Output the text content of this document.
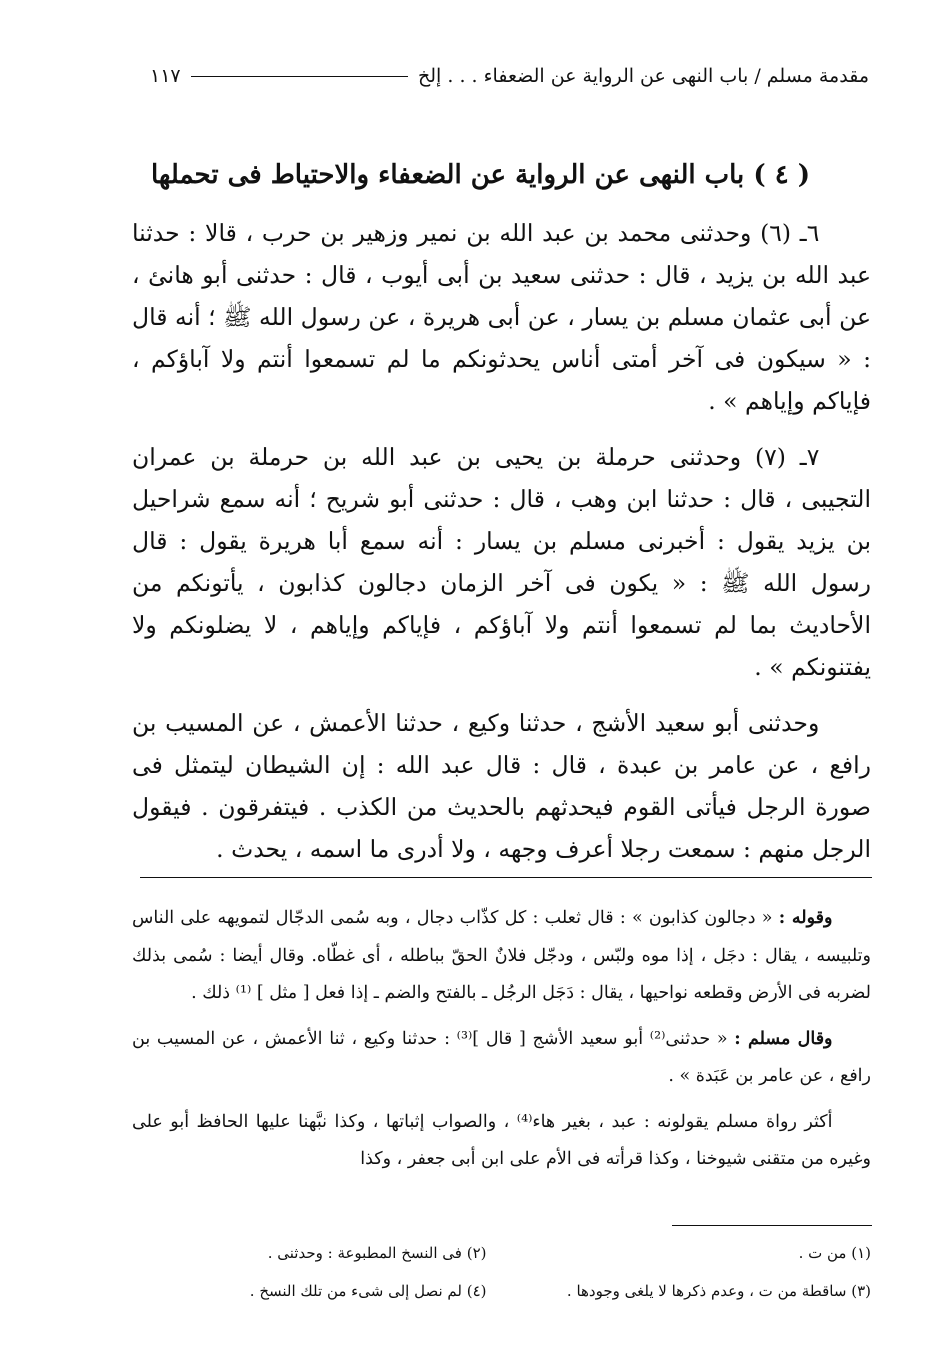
مقدمة مسلم / باب النهى عن الرواية عن الضعفاء . . . إلخ
١١٧
( ٤ ) باب النهى عن الرواية عن الضعفاء والاحتياط فى تحملها

٦ـ (٦) وحدثنى محمد بن عبد الله بن نمير وزهير بن حرب ، قالا : حدثنا عبد الله بن يزيد ، قال : حدثنى سعيد بن أبى أيوب ، قال : حدثنى أبو هانئ ، عن أبى عثمان مسلم بن يسار ، عن أبى هريرة ، عن رسول الله ﷺ ؛ أنه قال : « سيكون فى آخر أمتى أناس يحدثونكم ما لم تسمعوا أنتم ولا آباؤكم ، فإياكم وإياهم » .

٧ـ (٧) وحدثنى حرملة بن يحيى بن عبد الله بن حرملة بن عمران التجيبى ، قال : حدثنا ابن وهب ، قال : حدثنى أبو شريح ؛ أنه سمع شراحيل بن يزيد يقول : أخبرنى مسلم بن يسار : أنه سمع أبا هريرة يقول : قال رسول الله ﷺ : « يكون فى آخر الزمان دجالون كذابون ، يأتونكم من الأحاديث بما لم تسمعوا أنتم ولا آباؤكم ، فإياكم وإياهم ، لا يضلونكم ولا يفتنونكم » .

وحدثنى أبو سعيد الأشج ، حدثنا وكيع ، حدثنا الأعمش ، عن المسيب بن رافع ، عن عامر بن عبدة ، قال : قال عبد الله : إن الشيطان ليتمثل فى صورة الرجل فيأتى القوم فيحدثهم بالحديث من الكذب . فيتفرقون . فيقول الرجل منهم : سمعت رجلا أعرف وجهه ، ولا أدرى ما اسمه ، يحدث .

وقوله : « دجالون كذابون » : قال ثعلب : كل كذّاب دجال ، وبه سُمى الدجّال لتمويهه على الناس وتلبيسه ، يقال : دجَل ، إذا موه ولبّس ، ودجّل فلانٌ الحقّ بباطله ، أى غطّاه. وقال أيضا : سُمى بذلك لضربه فى الأرض وقطعه نواحيها ، يقال : دَجَل الرجُل ـ بالفتح والضم ـ إذا فعل [ مثل ] ⁽¹⁾ ذلك .

وقال مسلم : « حدثنى⁽²⁾ أبو سعيد الأشج [ قال ]⁽³⁾ : حدثنا وكيع ، ثنا الأعمش ، عن المسيب بن رافع ، عن عامر بن عَبَدة » .

أكثر رواة مسلم يقولونه : عبد ، بغير هاء⁽⁴⁾ ، والصواب إثباتها ، وكذا نبَّهنا عليها الحافظ أبو على وغيره من متقنى شيوخنا ، وكذا قرأته فى الأم على ابن أبى جعفر ، وكذا

(١) من ت .
(٢) فى النسخ المطبوعة : وحدثنى .
(٣) ساقطة من ت ، وعدم ذكرها لا يلغى وجودها .
(٤) لم نصل إلى شىء من تلك النسخ .
